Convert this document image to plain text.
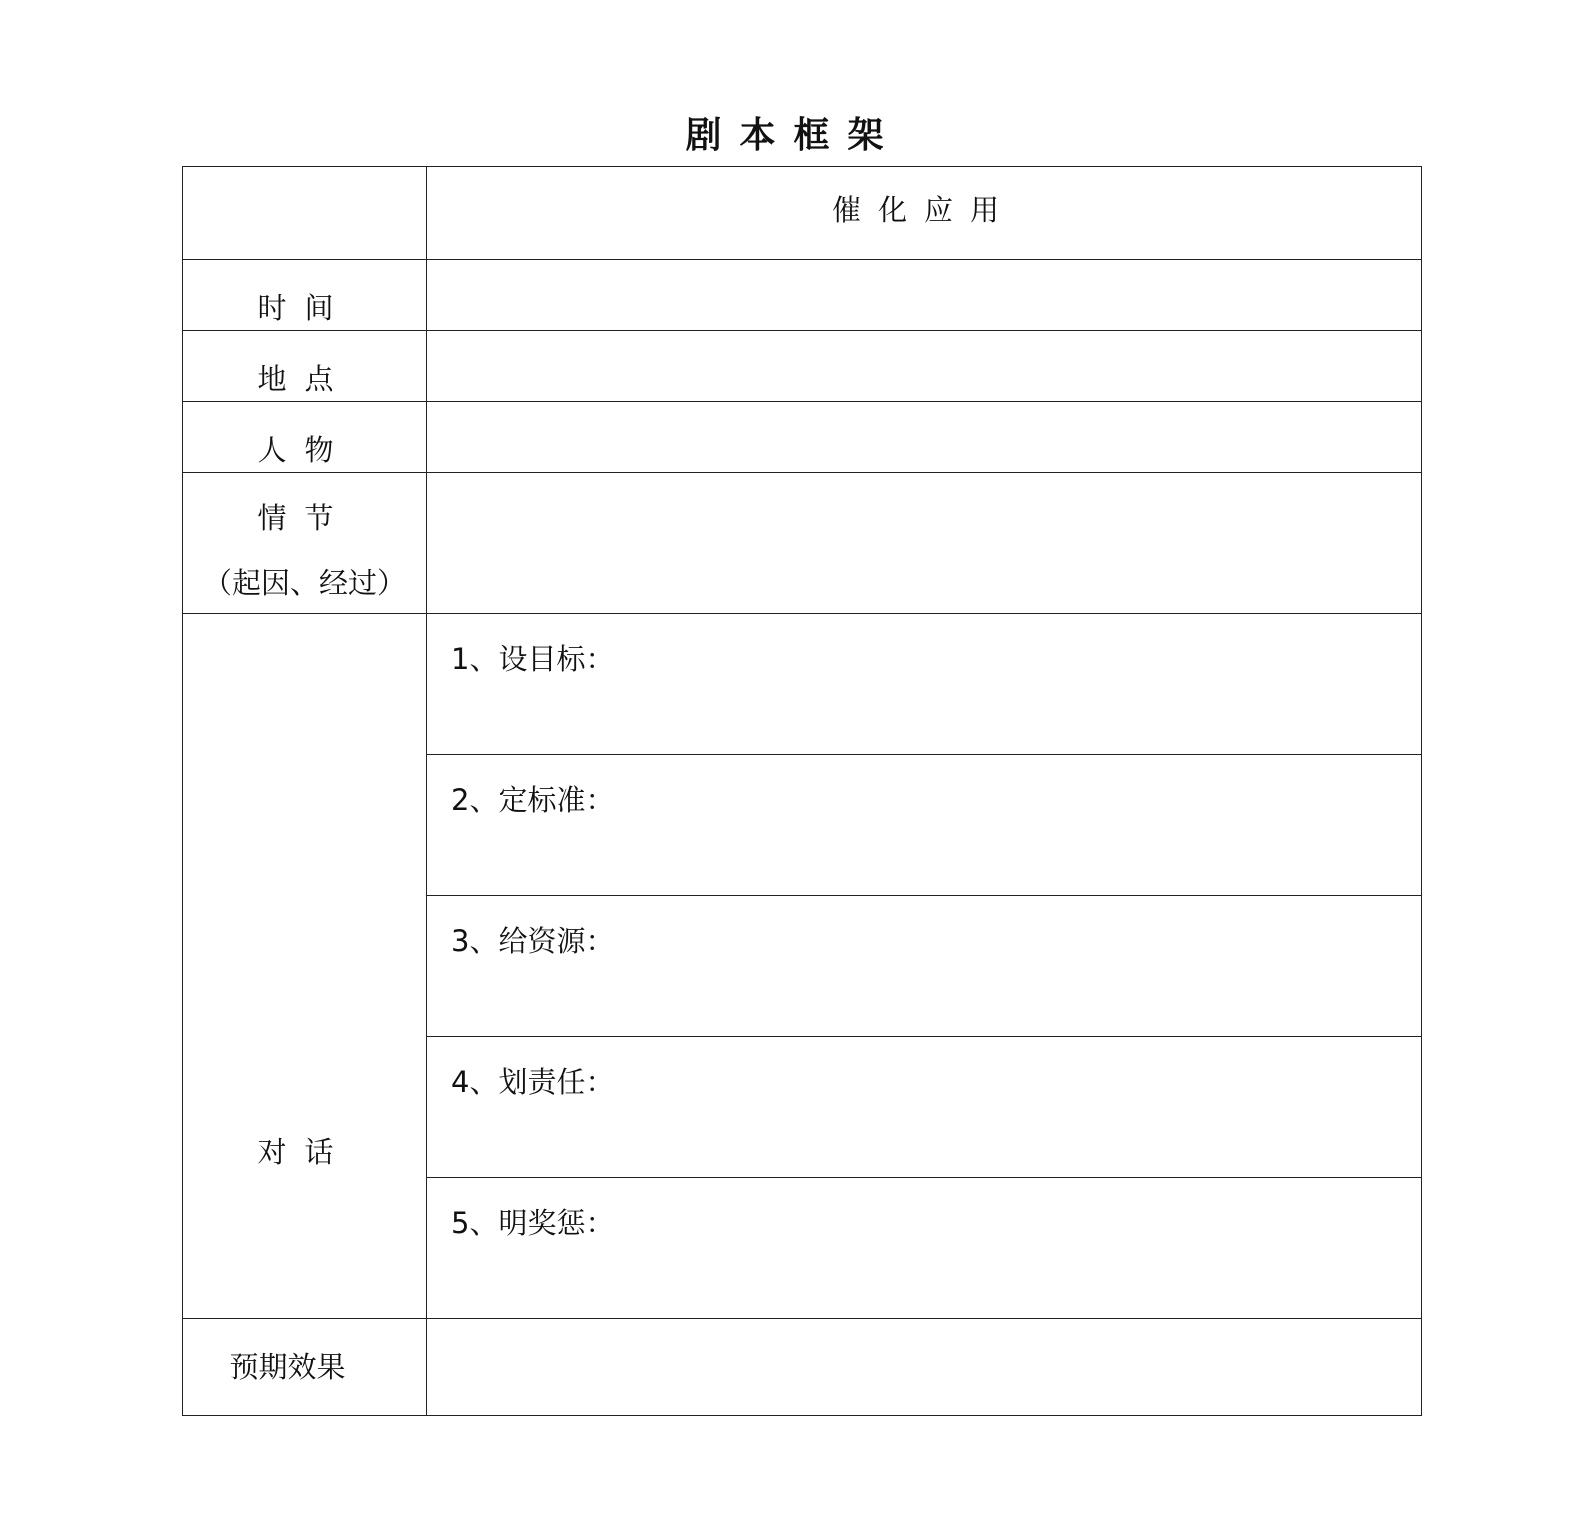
剧本框架
	催化应用
时间	
地点	
人物	

情节
（起因、经过）	

对话	1、设目标：
	2、定标准：
	3、给资源：
	4、划责任：
	5、明奖惩：
预期效果	
